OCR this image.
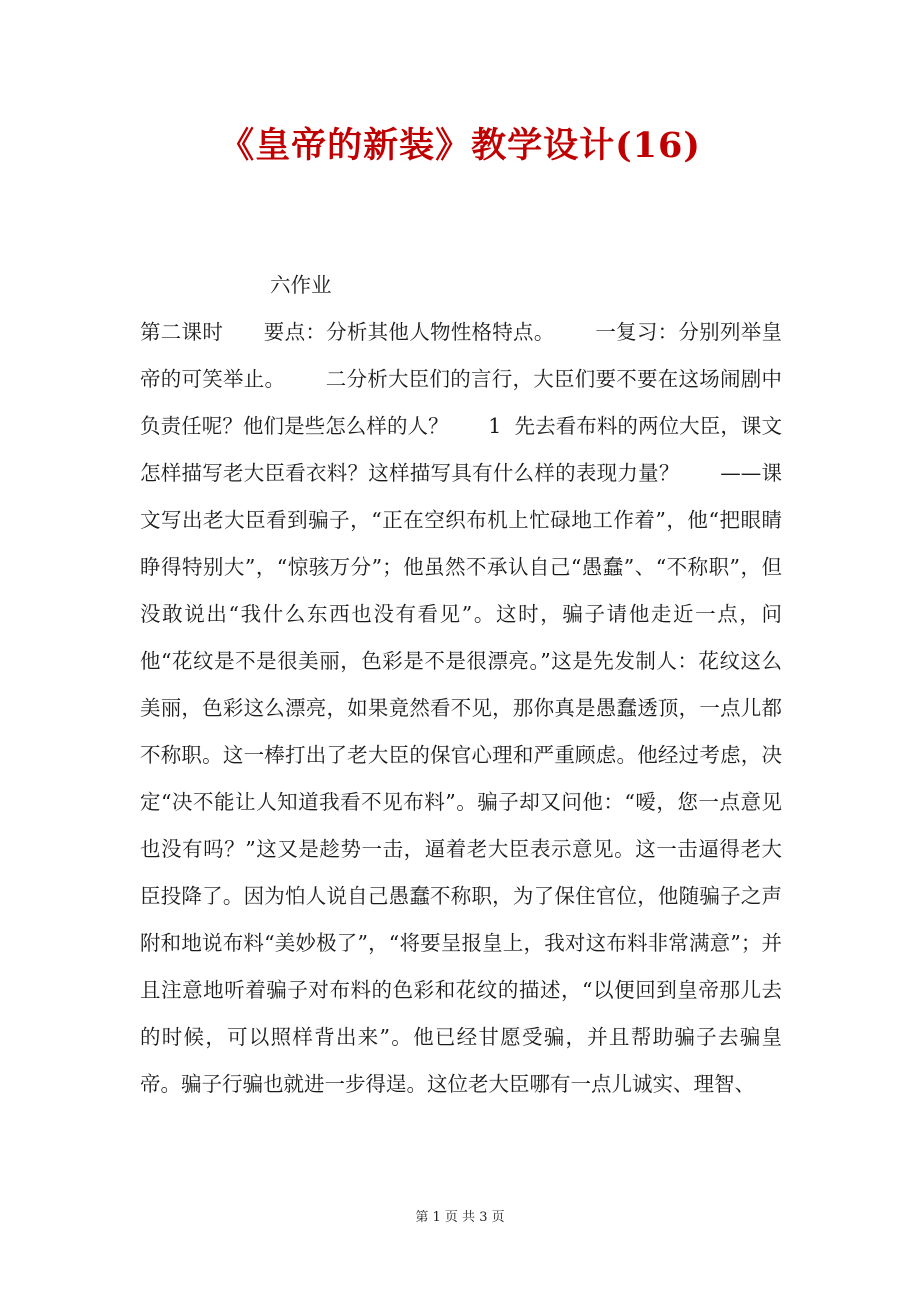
《皇帝的新装》教学设计(16)

六作业

第二课时      要点：分析其他人物性格特点。      一复习：分别列举皇帝的可笑举止。      二分析大臣们的言行，大臣们要不要在这场闹剧中负责任呢？他们是些怎么样的人？      1  先去看布料的两位大臣，课文怎样描写老大臣看衣料？这样描写具有什么样的表现力量？      ——课文写出老大臣看到骗子，“正在空织布机上忙碌地工作着”，他“把眼睛睁得特别大”，“惊骇万分”；他虽然不承认自己“愚蠢”、“不称职”，但没敢说出“我什么东西也没有看见”。这时，骗子请他走近一点，问他“花纹是不是很美丽，色彩是不是很漂亮。”这是先发制人：花纹这么美丽，色彩这么漂亮，如果竟然看不见，那你真是愚蠢透顶，一点儿都不称职。这一棒打出了老大臣的保官心理和严重顾虑。他经过考虑，决定“决不能让人知道我看不见布料”。骗子却又问他：“嗳，您一点意见也没有吗？”这又是趁势一击，逼着老大臣表示意见。这一击逼得老大臣投降了。因为怕人说自己愚蠢不称职，为了保住官位，他随骗子之声附和地说布料“美妙极了”，“将要呈报皇上，我对这布料非常满意”；并且注意地听着骗子对布料的色彩和花纹的描述，“以便回到皇帝那儿去的时候，可以照样背出来”。他已经甘愿受骗，并且帮助骗子去骗皇帝。骗子行骗也就进一步得逞。这位老大臣哪有一点儿诚实、理智、

第 1 页 共 3 页
